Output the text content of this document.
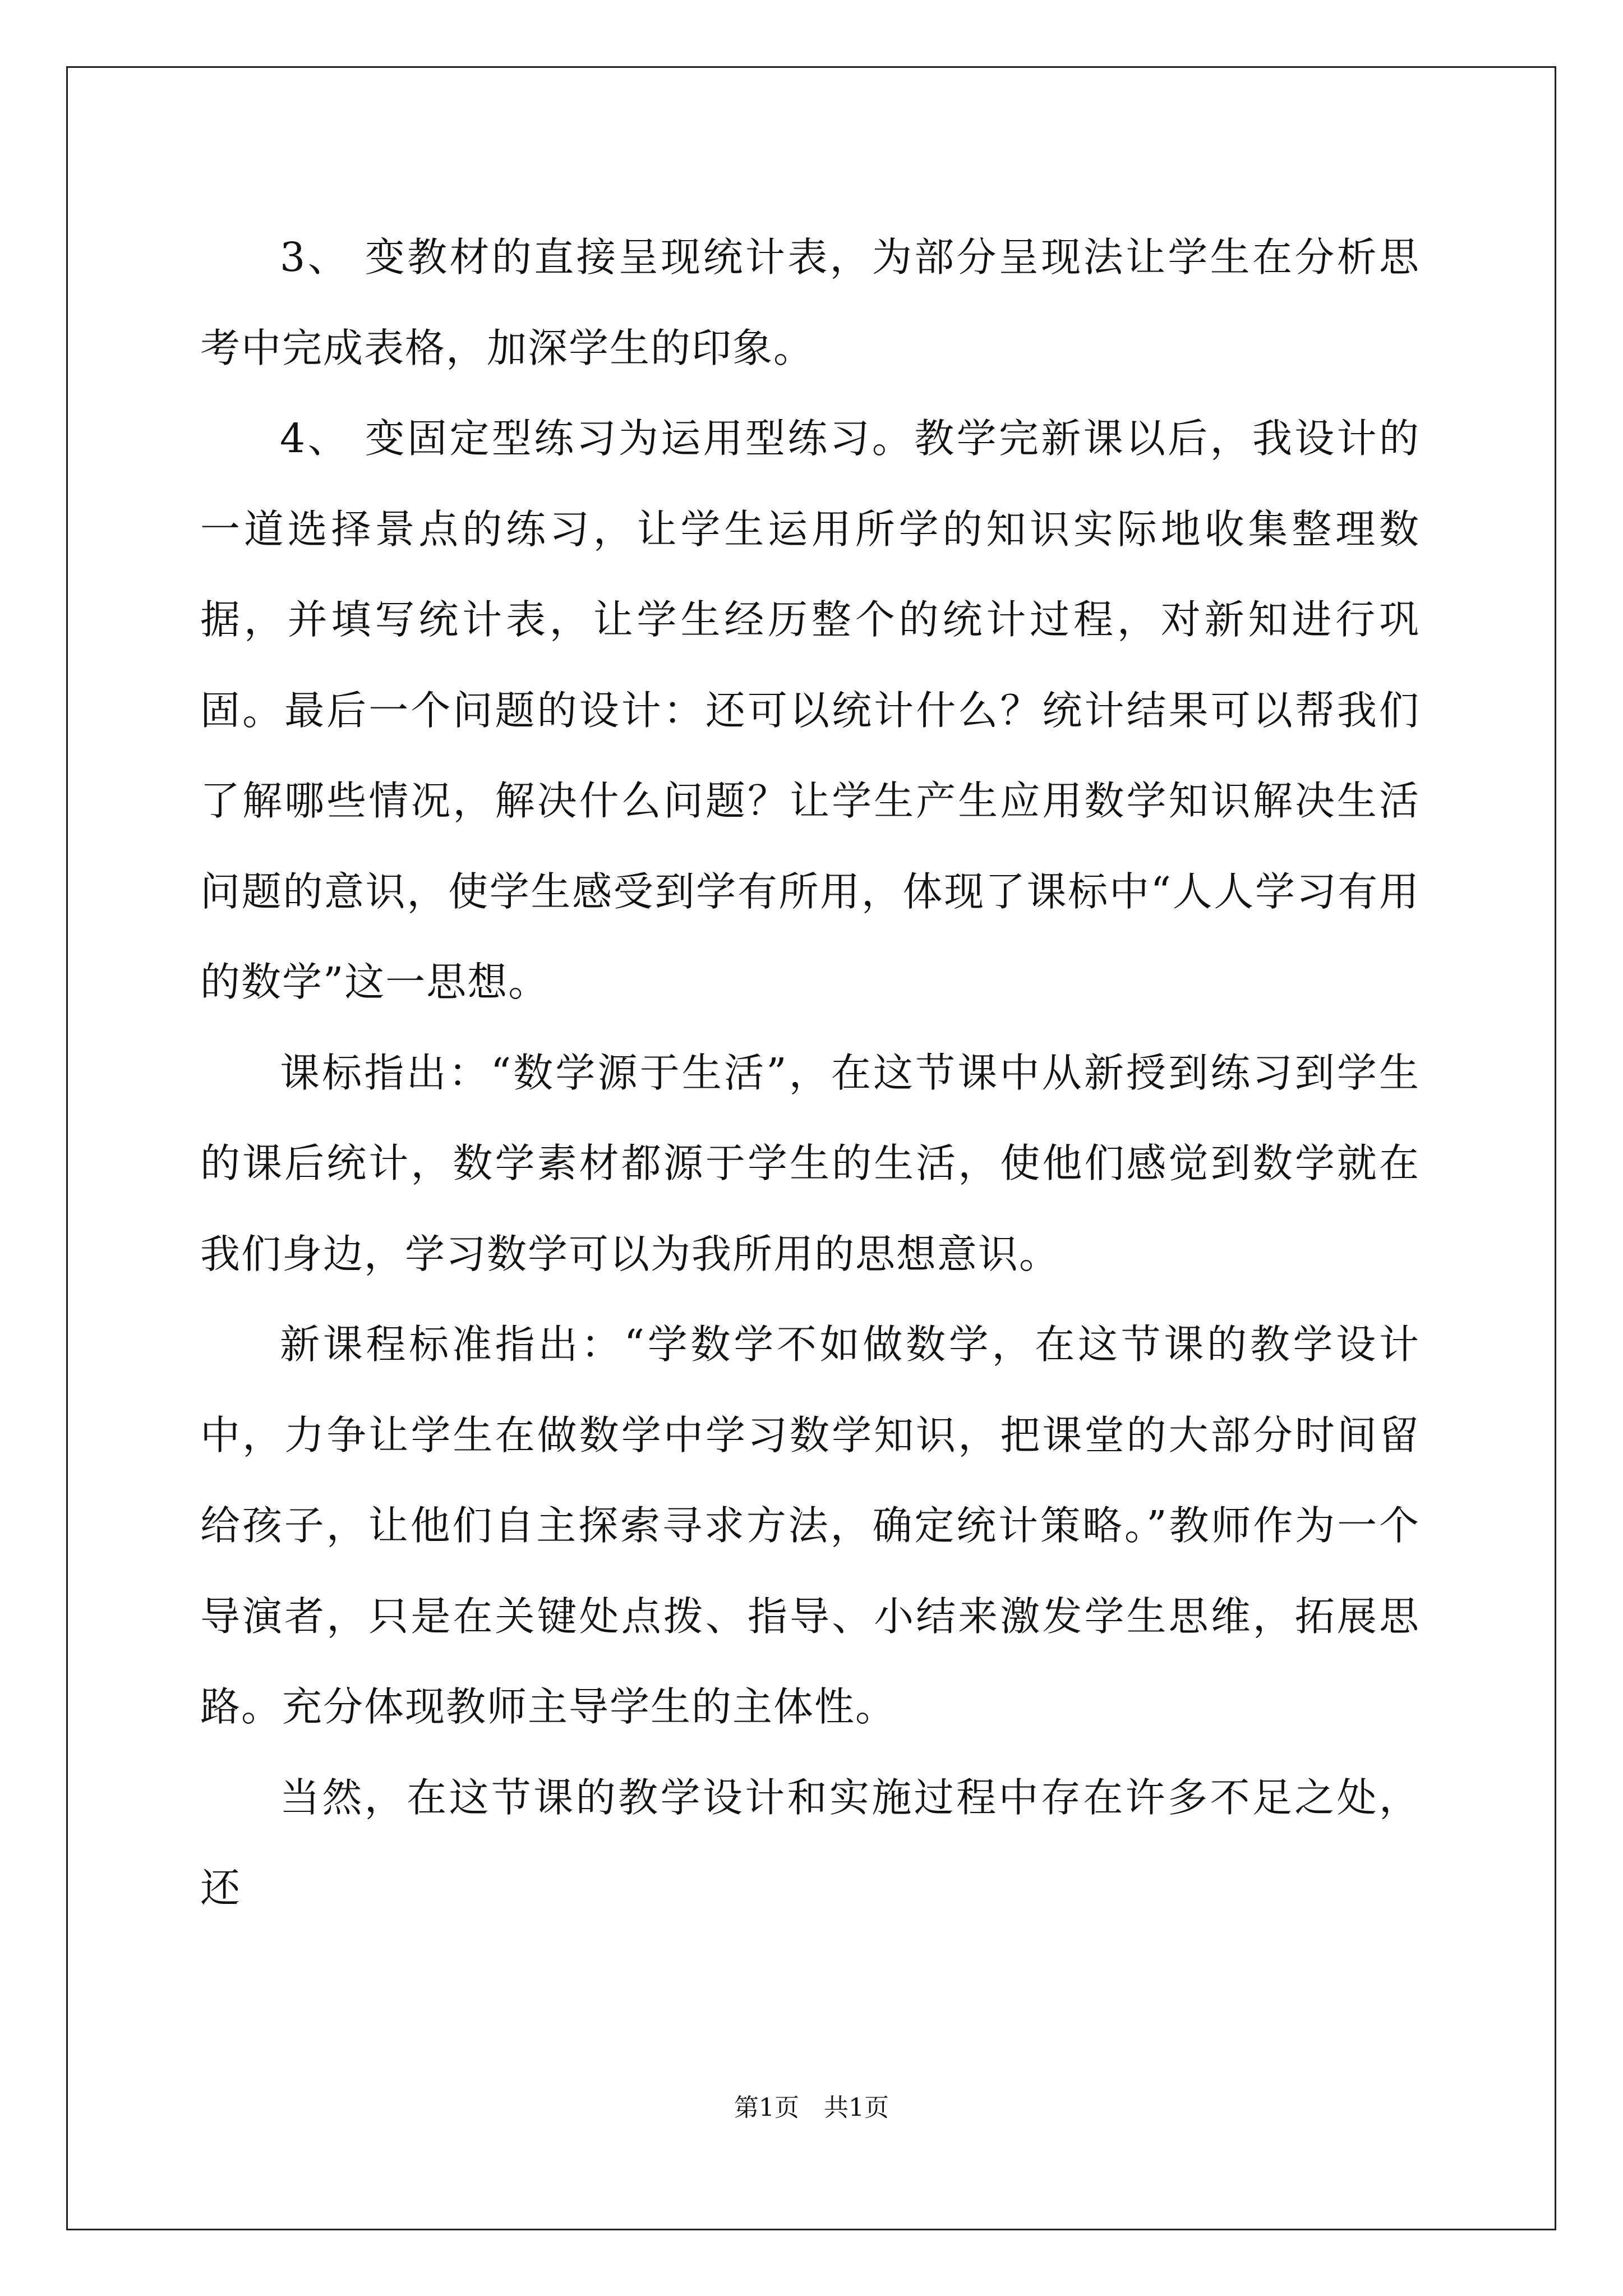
3、 变教材的直接呈现统计表，为部分呈现法让学生在分析思考中完成表格，加深学生的印象。

4、 变固定型练习为运用型练习。教学完新课以后，我设计的一道选择景点的练习，让学生运用所学的知识实际地收集整理数据，并填写统计表，让学生经历整个的统计过程，对新知进行巩固。最后一个问题的设计：还可以统计什么？统计结果可以帮我们了解哪些情况，解决什么问题？让学生产生应用数学知识解决生活问题的意识，使学生感受到学有所用，体现了课标中“人人学习有用的数学”这一思想。

课标指出：“数学源于生活”，在这节课中从新授到练习到学生的课后统计，数学素材都源于学生的生活，使他们感觉到数学就在我们身边，学习数学可以为我所用的思想意识。

新课程标准指出：“学数学不如做数学，在这节课的教学设计中，力争让学生在做数学中学习数学知识，把课堂的大部分时间留给孩子，让他们自主探索寻求方法，确定统计策略。”教师作为一个导演者，只是在关键处点拨、指导、小结来激发学生思维，拓展思路。充分体现教师主导学生的主体性。

当然，在这节课的教学设计和实施过程中存在许多不足之处，还

第1页　共1页
